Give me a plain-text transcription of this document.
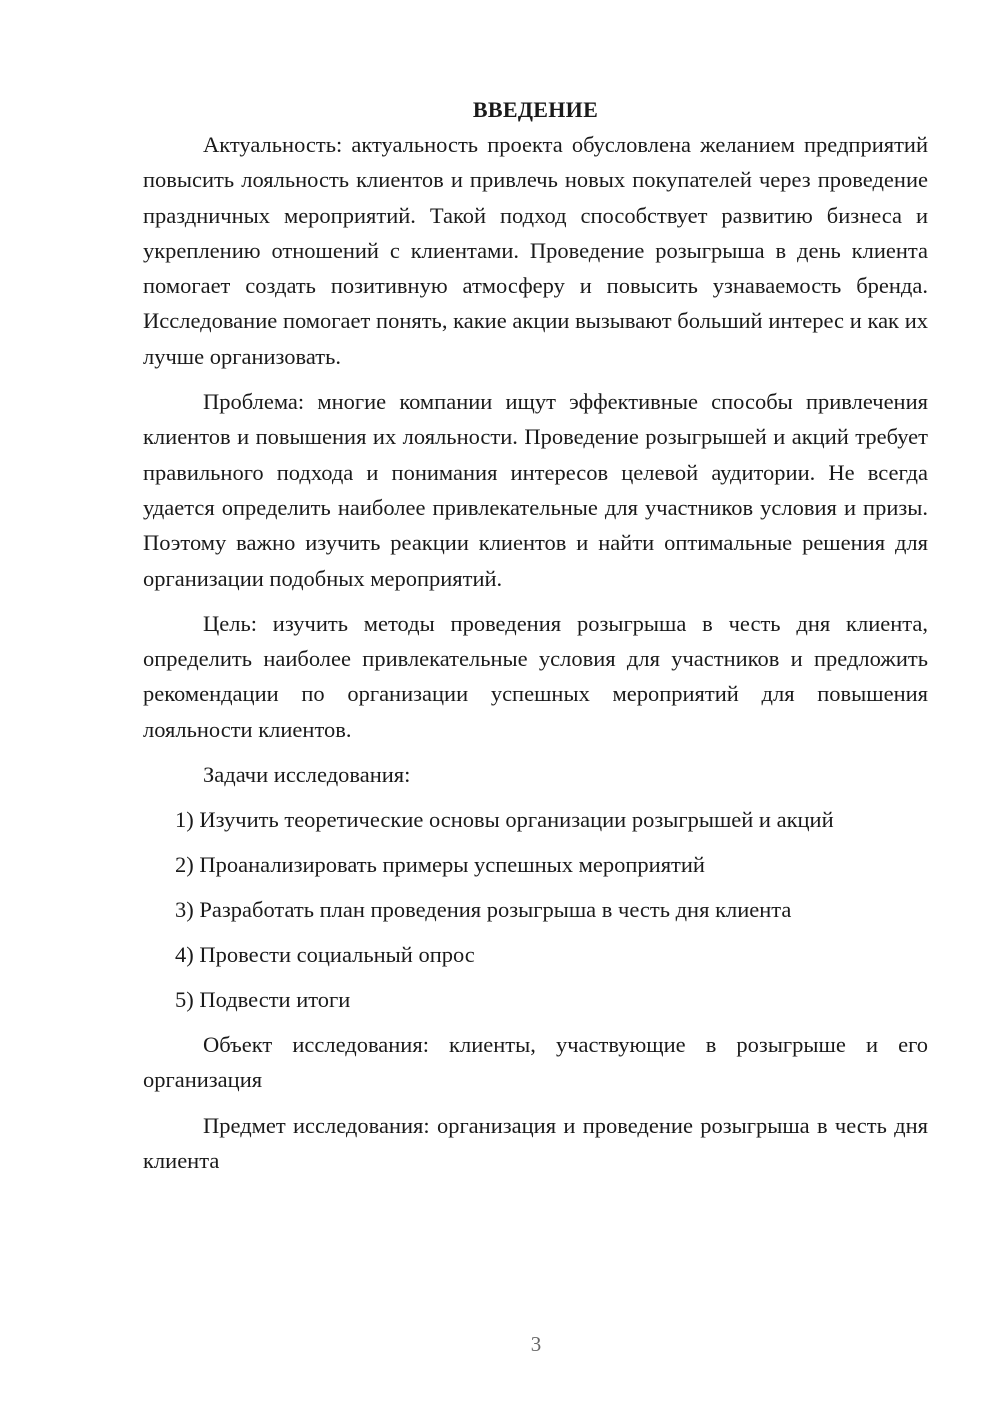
ВВЕДЕНИЕ

Актуальность: актуальность проекта обусловлена желанием предприятий повысить лояльность клиентов и привлечь новых покупателей через проведение праздничных мероприятий. Такой подход способствует развитию бизнеса и укреплению отношений с клиентами. Проведение розыгрыша в день клиента помогает создать позитивную атмосферу и повысить узнаваемость бренда. Исследование помогает понять, какие акции вызывают больший интерес и как их лучше организовать.

Проблема: многие компании ищут эффективные способы привлечения клиентов и повышения их лояльности. Проведение розыгрышей и акций требует правильного подхода и понимания интересов целевой аудитории. Не всегда удается определить наиболее привлекательные для участников условия и призы. Поэтому важно изучить реакции клиентов и найти оптимальные решения для организации подобных мероприятий.

Цель: изучить методы проведения розыгрыша в честь дня клиента, определить наиболее привлекательные условия для участников и предложить рекомендации по организации успешных мероприятий для повышения лояльности клиентов.

Задачи исследования:
1) Изучить теоретические основы организации розыгрышей и акций
2) Проанализировать примеры успешных мероприятий
3) Разработать план проведения розыгрыша в честь дня клиента
4) Провести социальный опрос
5) Подвести итоги

Объект исследования: клиенты, участвующие в розыгрыше и его организация

Предмет исследования: организация и проведение розыгрыша в честь дня клиента

3
